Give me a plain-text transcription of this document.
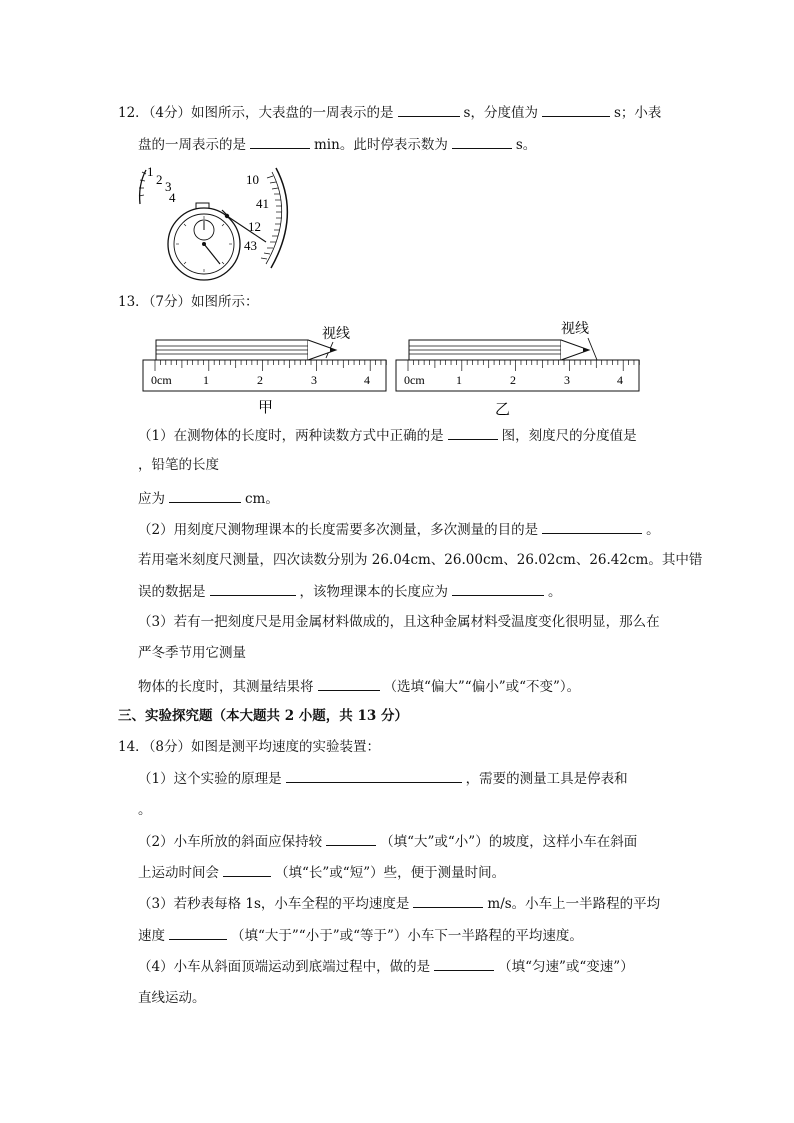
12．（4分）如图所示，大表盘的一周表示的是	s，分度值为	s；小表
盘的一周表示的是	min。此时停表示数为	s。
1
2 3
4
10
41
12
43
13．（7分）如图所示：
视线
0cm	1	2	3	4
甲
视线
0cm	1	2	3	4
乙
（1）在测物体的长度时，两种读数方式中正确的是	图，刻度尺的分度值是
，铅笔的长度
应为	cm。
（2）用刻度尺测物理课本的长度需要多次测量，多次测量的目的是	。
若用毫米刻度尺测量，四次读数分别为 26.04cm、26.00cm、26.02cm、26.42cm。其中错
误的数据是	，该物理课本的长度应为	。
（3）若有一把刻度尺是用金属材料做成的，且这种金属材料受温度变化很明显，那么在
严冬季节用它测量
物体的长度时，其测量结果将	（选填“偏大”“偏小”或“不变”）。
三、实验探究题（本大题共 2 小题，共 13 分）
14．（8分）如图是测平均速度的实验装置：
（1）这个实验的原理是	，需要的测量工具是停表和
。
（2）小车所放的斜面应保持较	（填“大”或“小”）的坡度，这样小车在斜面
上运动时间会	（填“长”或“短”）些，便于测量时间。
（3）若秒表每格 1s，小车全程的平均速度是	m/s。小车上一半路程的平均
速度	（填“大于”“小于”或“等于”）小车下一半路程的平均速度。
（4）小车从斜面顶端运动到底端过程中，做的是	（填“匀速”或“变速”）
直线运动。
